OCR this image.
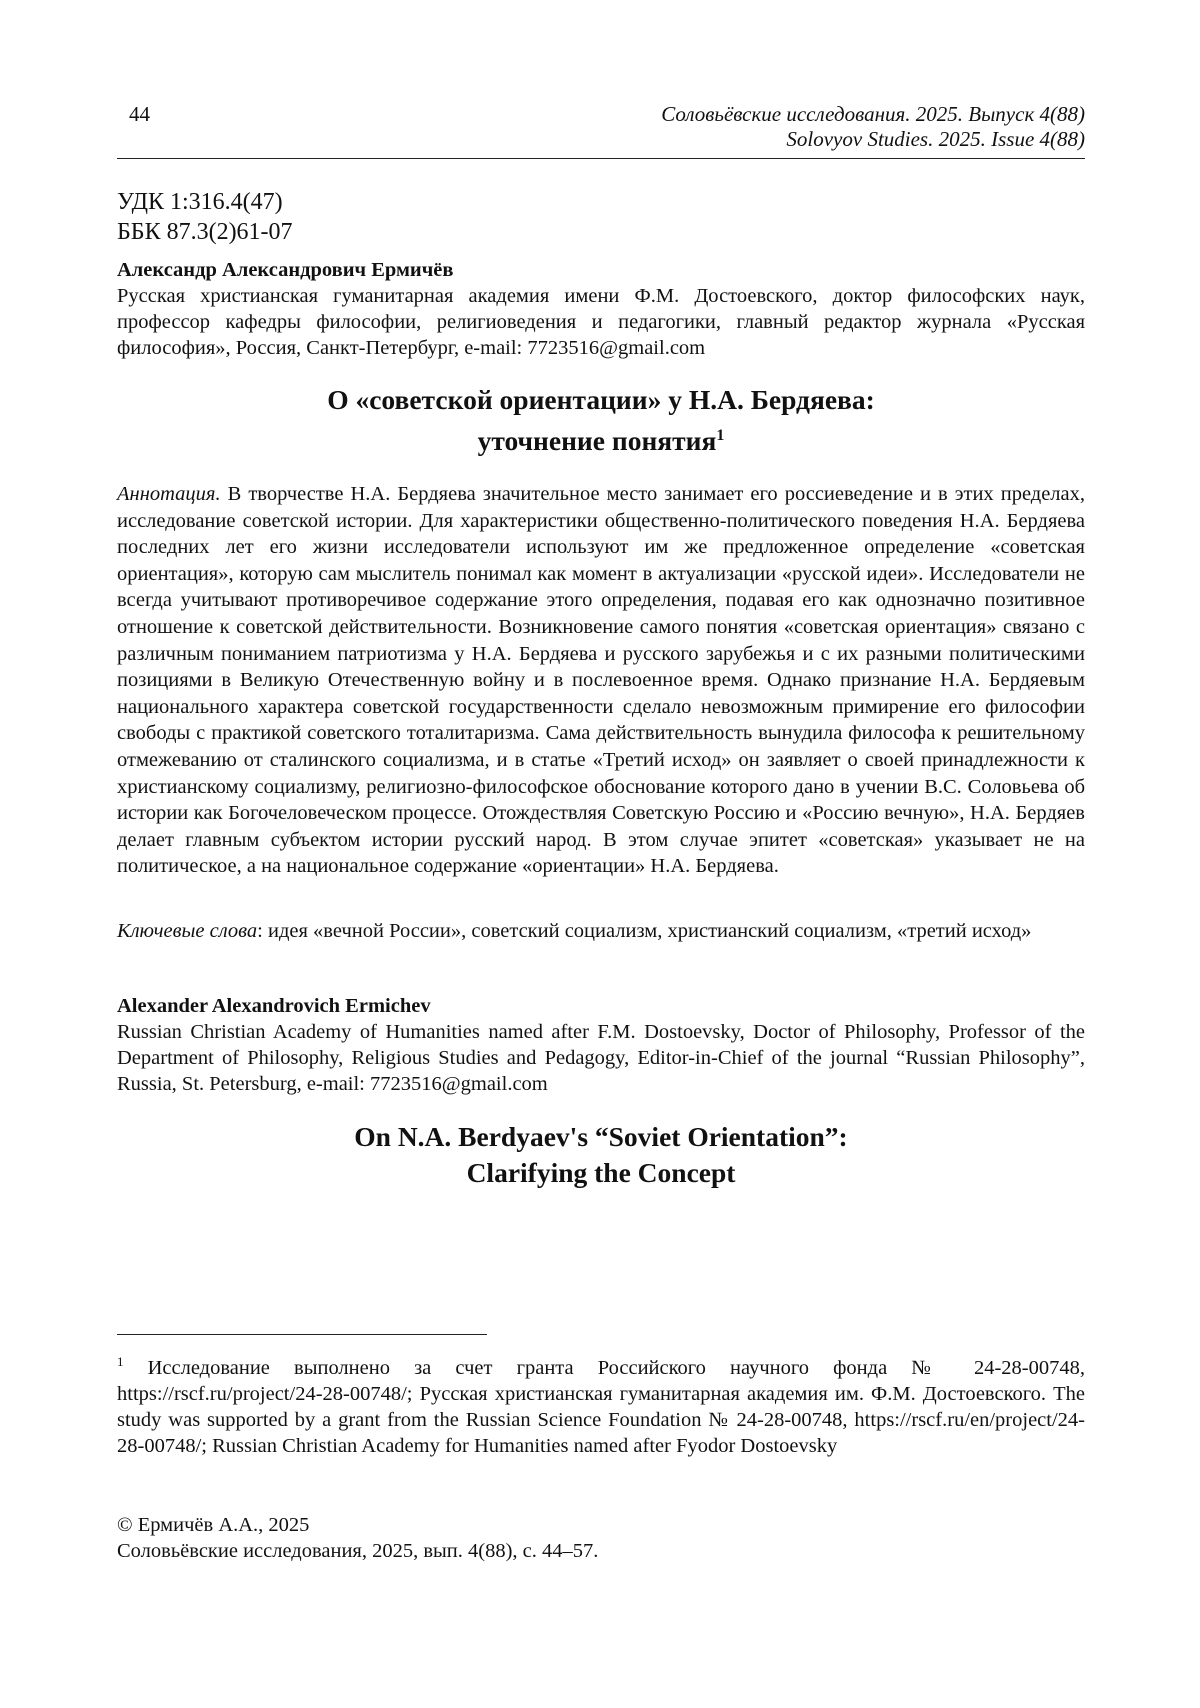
44	Соловьёвские исследования. 2025. Выпуск 4(88)
Solovyov Studies. 2025. Issue 4(88)
УДК 1:316.4(47)
ББК 87.3(2)61-07
Александр Александрович Ермичёв
Русская христианская гуманитарная академия имени Ф.М. Достоевского, доктор философских наук, профессор кафедры философии, религиоведения и педагогики, главный редактор журнала «Русская философия», Россия, Санкт-Петербург, e-mail: 7723516@gmail.com
О «советской ориентации» у Н.А. Бердяева:
уточнение понятия$^1$
Аннотация. В творчестве Н.А. Бердяева значительное место занимает его россиеведение и в этих пределах, исследование советской истории. Для характеристики общественно-политического поведения Н.А. Бердяева последних лет его жизни исследователи используют им же предложенное определение «советская ориентация», которую сам мыслитель понимал как момент в актуализации «русской идеи». Исследователи не всегда учитывают противоречивое содержание этого определения, подавая его как однозначно позитивное отношение к советской действительности. Возникновение самого понятия «советская ориентация» связано с различным пониманием патриотизма у Н.А. Бердяева и русского зарубежья и с их разными политическими позициями в Великую Отечественную войну и в послевоенное время. Однако признание Н.А. Бердяевым национального характера советской государственности сделало невозможным примирение его философии свободы с практикой советского тоталитаризма. Сама действительность вынудила философа к решительному отмежеванию от сталинского социализма, и в статье «Третий исход» он заявляет о своей принадлежности к христианскому социализму, религиозно-философское обоснование которого дано в учении В.С. Соловьева об истории как Богочеловеческом процессе. Отождествляя Советскую Россию и «Россию вечную», Н.А. Бердяев делает главным субъектом истории русский народ. В этом случае эпитет «советская» указывает не на политическое, а на национальное содержание «ориентации» Н.А. Бердяева.
Ключевые слова: идея «вечной России», советский социализм, христианский социализм, «третий исход»
Alexander Alexandrovich Ermichev
Russian Christian Academy of Humanities named after F.M. Dostoevsky, Doctor of Philosophy, Professor of the Department of Philosophy, Religious Studies and Pedagogy, Editor-in-Chief of the journal “Russian Philosophy”, Russia, St. Petersburg, e-mail: 7723516@gmail.com
On N.A. Berdyaev's “Soviet Orientation”:
Clarifying the Concept
$^1$ Исследование выполнено за счет гранта Российского научного фонда № 24-28-00748, https://rscf.ru/project/24-28-00748/; Русская христианская гуманитарная академия им. Ф.М. Достоевского. The study was supported by a grant from the Russian Science Foundation № 24-28-00748, https://rscf.ru/en/project/24-28-00748/; Russian Christian Academy for Humanities named after Fyodor Dostoevsky
© Ермичёв А.А., 2025
Соловьёвские исследования, 2025, вып. 4(88), с. 44–57.
